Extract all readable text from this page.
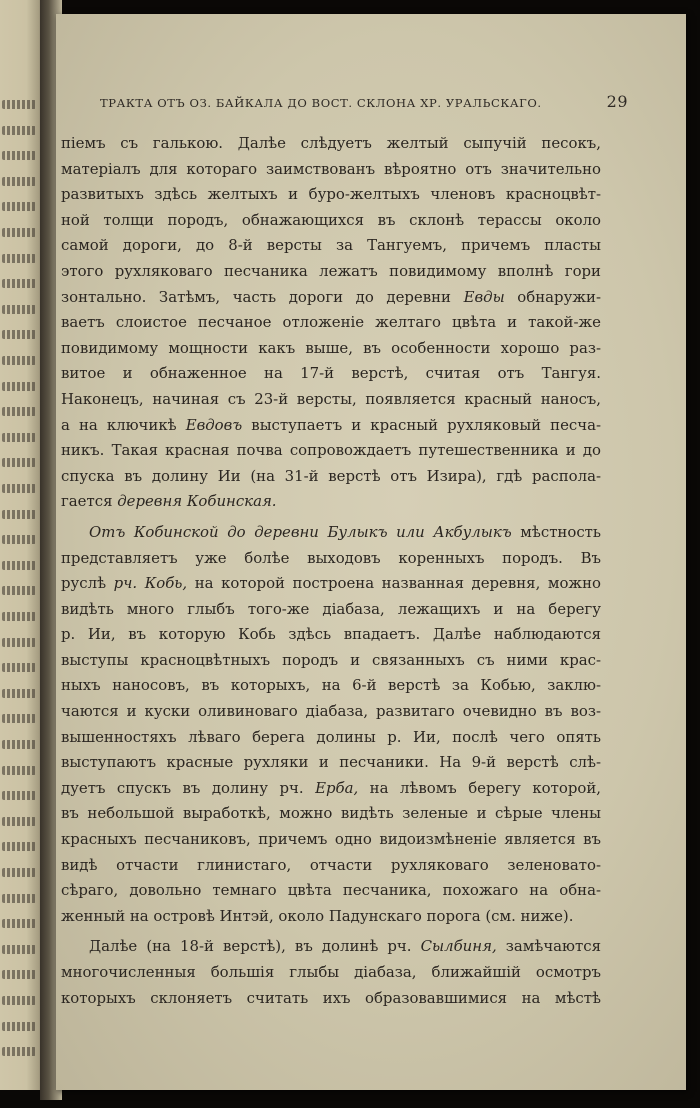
ТРАКТА ОТЪ ОЗ. БАЙКАЛА ДО ВОСТ. СКЛОНА ХР. УРАЛЬСКАГО.	29
піемъ съ галькою. Далѣе слѣдуетъ желтый сыпучій песокъ,
матеріалъ для котораго заимствованъ вѣроятно отъ значительно
развитыхъ здѣсь желтыхъ и буро-желтыхъ членовъ красноцвѣт-
ной толщи породъ, обнажающихся въ склонѣ терассы около
самой дороги, до 8-й версты за Тангуемъ, причемъ пласты
этого рухляковаго песчаника лежатъ повидимому вполнѣ гори
зонтально. Затѣмъ, часть дороги до деревни Евды обнаружи-
ваетъ слоистое песчаное отложеніе желтаго цвѣта и такой-же
повидимому мощности какъ выше, въ особенности хорошо раз-
витое и обнаженное на 17-й верстѣ, считая отъ Тангуя.
Наконецъ, начиная съ 23-й версты, появляется красный наносъ,
а на ключикѣ Евдовъ выступаетъ и красный рухляковый песча-
никъ. Такая красная почва сопровождаетъ путешественника и до
спуска въ долину Ии (на 31-й верстѣ отъ Изира), гдѣ распола-
гается деревня Кобинская.
Отъ Кобинской до деревни Булыкъ или Акбулыкъ мѣстность
представляетъ уже болѣе выходовъ коренныхъ породъ. Въ
руслѣ рч. Кобь, на которой построена названная деревня, можно
видѣть много глыбъ того-же діабаза, лежащихъ и на берегу
р. Ии, въ которую Кобь здѣсь впадаетъ. Далѣе наблюдаются
выступы красноцвѣтныхъ породъ и связанныхъ съ ними крас-
ныхъ наносовъ, въ которыхъ, на 6-й верстѣ за Кобью, заклю-
чаются и куски оливиноваго діабаза, развитаго очевидно въ воз-
вышенностяхъ лѣваго берега долины р. Ии, послѣ чего опять
выступаютъ красные рухляки и песчаники. На 9-й верстѣ слѣ-
дуетъ спускъ въ долину рч. Ерба, на лѣвомъ берегу которой,
въ небольшой выработкѣ, можно видѣть зеленые и сѣрые члены
красныхъ песчаниковъ, причемъ одно видоизмѣненіе является въ
видѣ отчасти глинистаго, отчасти рухляковаго зеленовато-
сѣраго, довольно темнаго цвѣта песчаника, похожаго на обна-
женный на островѣ Интэй, около Падунскаго порога (см. ниже).
Далѣе (на 18-й верстѣ), въ долинѣ рч. Сылбиня, замѣчаются
многочисленныя большія глыбы діабаза, ближайшій осмотръ
которыхъ склоняетъ считать ихъ образовавшимися на мѣстѣ
